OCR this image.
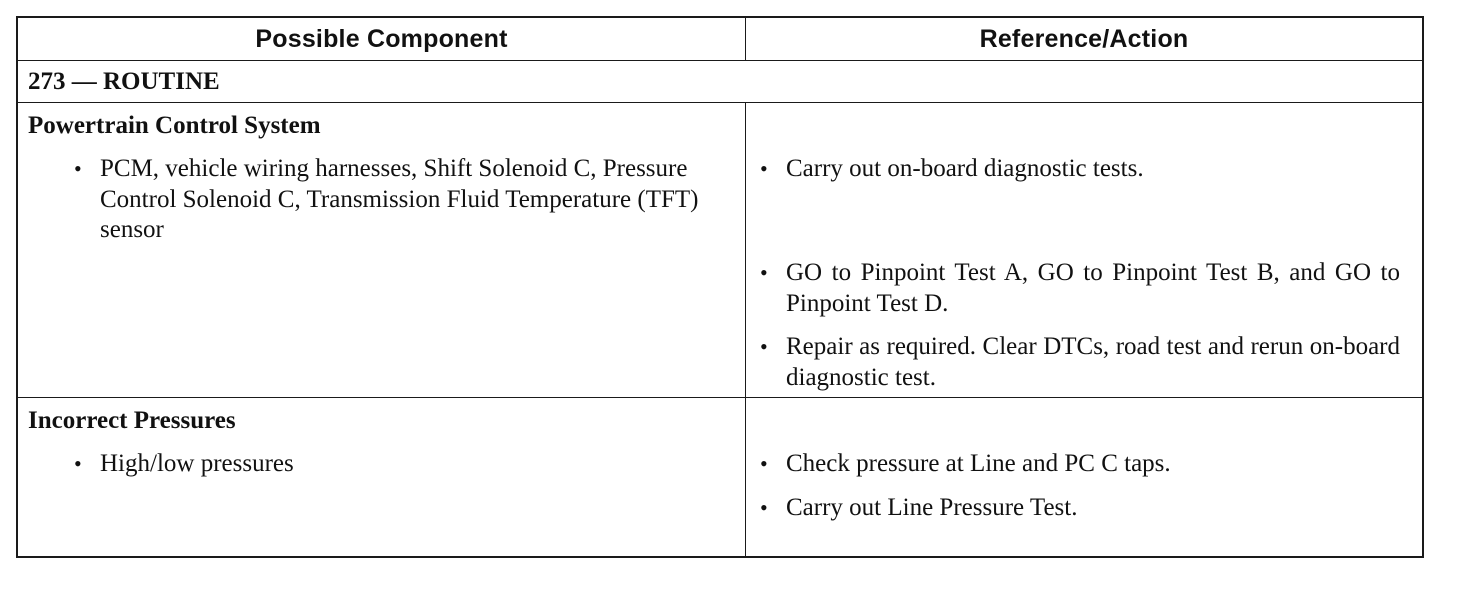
Possible Component	Reference/Action
273 — ROUTINE
Powertrain Control System
• PCM, vehicle wiring harnesses, Shift Solenoid C, Pressure Control Solenoid C, Transmission Fluid Temperature (TFT) sensor
• Carry out on-board diagnostic tests.
• GO to Pinpoint Test A, GO to Pinpoint Test B, and GO to Pinpoint Test D.
• Repair as required. Clear DTCs, road test and rerun on-board diagnostic test.
Incorrect Pressures
• High/low pressures
•	Check pressure at Line and PC C taps.
• Carry out Line Pressure Test.
